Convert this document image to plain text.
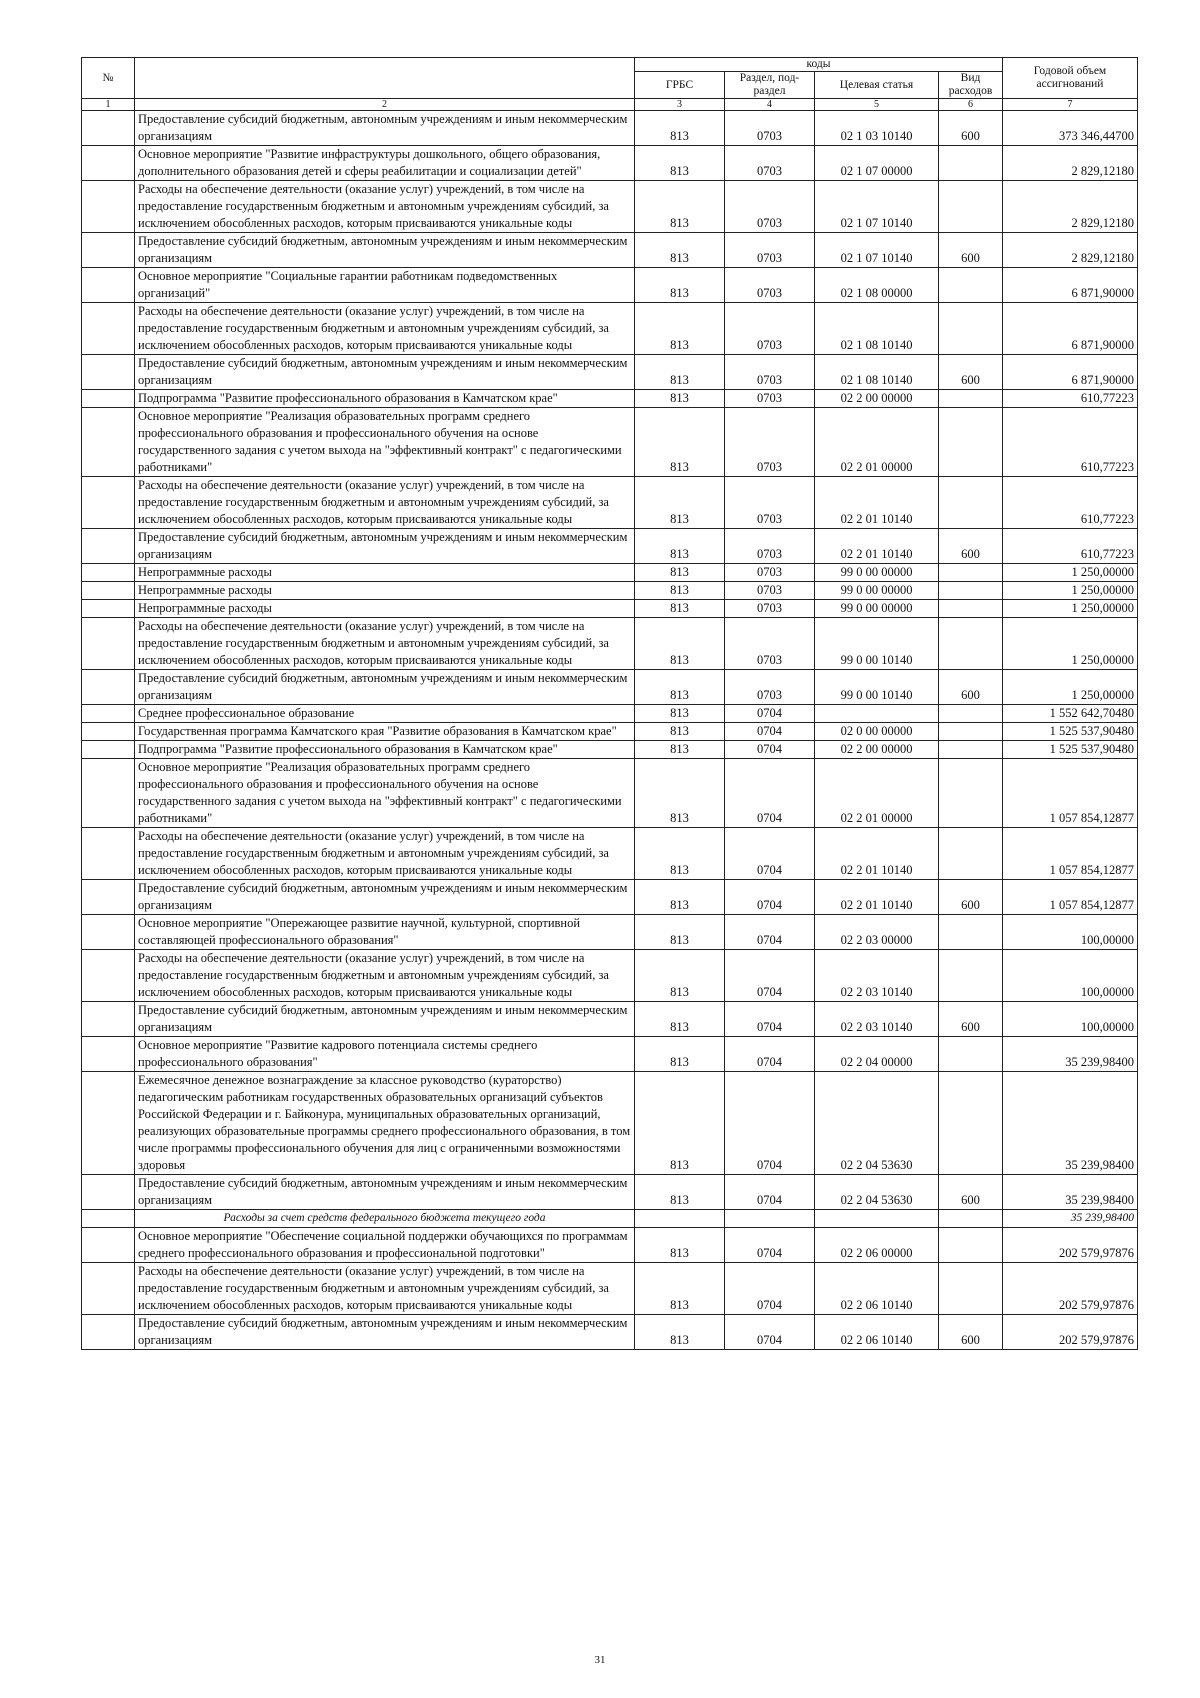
№		коды				Годовой объем ассигнований
		ГРБС	Раздел, под-раздел	Целевая статья	Вид расходов	
1	2	3	4	5	6	7
	Предоставление субсидий бюджетным, автономным учреждениям и иным некоммерческим организациям	813	0703	02 1 03 10140	600	373 346,44700
	Основное мероприятие "Развитие инфраструктуры дошкольного, общего образования, дополнительного образования детей и сферы реабилитации и социализации детей"	813	0703	02 1 07 00000		2 829,12180
	Расходы на обеспечение деятельности (оказание услуг) учреждений, в том числе на предоставление государственным бюджетным и автономным учреждениям субсидий, за исключением обособленных расходов, которым присваиваются уникальные коды	813	0703	02 1 07 10140		2 829,12180
	Предоставление субсидий бюджетным, автономным учреждениям и иным некоммерческим организациям	813	0703	02 1 07 10140	600	2 829,12180
	Основное мероприятие "Социальные гарантии работникам подведомственных организаций"	813	0703	02 1 08 00000		6 871,90000
	Расходы на обеспечение деятельности (оказание услуг) учреждений, в том числе на предоставление государственным бюджетным и автономным учреждениям субсидий, за исключением обособленных расходов, которым присваиваются уникальные коды	813	0703	02 1 08 10140		6 871,90000
	Предоставление субсидий бюджетным, автономным учреждениям и иным некоммерческим организациям	813	0703	02 1 08 10140	600	6 871,90000
	Подпрограмма "Развитие профессионального образования в Камчатском крае"	813	0703	02 2 00 00000		610,77223
	Основное мероприятие "Реализация образовательных программ среднего профессионального образования и профессионального обучения на основе государственного задания с учетом выхода на "эффективный контракт" с педагогическими работниками"	813	0703	02 2 01 00000		610,77223
	Расходы на обеспечение деятельности (оказание услуг) учреждений, в том числе на предоставление государственным бюджетным и автономным учреждениям субсидий, за исключением обособленных расходов, которым присваиваются уникальные коды	813	0703	02 2 01 10140		610,77223
	Предоставление субсидий бюджетным, автономным учреждениям и иным некоммерческим организациям	813	0703	02 2 01 10140	600	610,77223
	Непрограммные расходы	813	0703	99 0 00 00000		1 250,00000
	Непрограммные расходы	813	0703	99 0 00 00000		1 250,00000
	Непрограммные расходы	813	0703	99 0 00 00000		1 250,00000
	Расходы на обеспечение деятельности (оказание услуг) учреждений, в том числе на предоставление государственным бюджетным и автономным учреждениям субсидий, за исключением обособленных расходов, которым присваиваются уникальные коды	813	0703	99 0 00 10140		1 250,00000
	Предоставление субсидий бюджетным, автономным учреждениям и иным некоммерческим организациям	813	0703	99 0 00 10140	600	1 250,00000
	Среднее профессиональное образование	813	0704			1 552 642,70480
	Государственная программа Камчатского края "Развитие образования в Камчатском крае"	813	0704	02 0 00 00000		1 525 537,90480
	Подпрограмма "Развитие профессионального образования в Камчатском крае"	813	0704	02 2 00 00000		1 525 537,90480
	Основное мероприятие "Реализация образовательных программ среднего профессионального образования и профессионального обучения на основе государственного задания с учетом выхода на "эффективный контракт" с педагогическими работниками"	813	0704	02 2 01 00000		1 057 854,12877
	Расходы на обеспечение деятельности (оказание услуг) учреждений, в том числе на предоставление государственным бюджетным и автономным учреждениям субсидий, за исключением обособленных расходов, которым присваиваются уникальные коды	813	0704	02 2 01 10140		1 057 854,12877
	Предоставление субсидий бюджетным, автономным учреждениям и иным некоммерческим организациям	813	0704	02 2 01 10140	600	1 057 854,12877
	Основное мероприятие "Опережающее развитие научной, культурной, спортивной составляющей профессионального образования"	813	0704	02 2 03 00000		100,00000
	Расходы на обеспечение деятельности (оказание услуг) учреждений, в том числе на предоставление государственным бюджетным и автономным учреждениям субсидий, за исключением обособленных расходов, которым присваиваются уникальные коды	813	0704	02 2 03 10140		100,00000
	Предоставление субсидий бюджетным, автономным учреждениям и иным некоммерческим организациям	813	0704	02 2 03 10140	600	100,00000
	Основное мероприятие "Развитие кадрового потенциала системы среднего профессионального образования"	813	0704	02 2 04 00000		35 239,98400
	Ежемесячное денежное вознаграждение за классное руководство (кураторство) педагогическим работникам государственных образовательных организаций субъектов Российской Федерации и г. Байконура, муниципальных образовательных организаций, реализующих образовательные программы среднего профессионального образования, в том числе программы профессионального обучения для лиц с ограниченными возможностями здоровья	813	0704	02 2 04 53630		35 239,98400
	Предоставление субсидий бюджетным, автономным учреждениям и иным некоммерческим организациям	813	0704	02 2 04 53630	600	35 239,98400
	Расходы за счет средств федерального бюджета текущего года					35 239,98400
	Основное мероприятие "Обеспечение социальной поддержки обучающихся по программам среднего профессионального образования и профессиональной подготовки"	813	0704	02 2 06 00000		202 579,97876
	Расходы на обеспечение деятельности (оказание услуг) учреждений, в том числе на предоставление государственным бюджетным и автономным учреждениям субсидий, за исключением обособленных расходов, которым присваиваются уникальные коды	813	0704	02 2 06 10140		202 579,97876
	Предоставление субсидий бюджетным, автономным учреждениям и иным некоммерческим организациям	813	0704	02 2 06 10140	600	202 579,97876
31
